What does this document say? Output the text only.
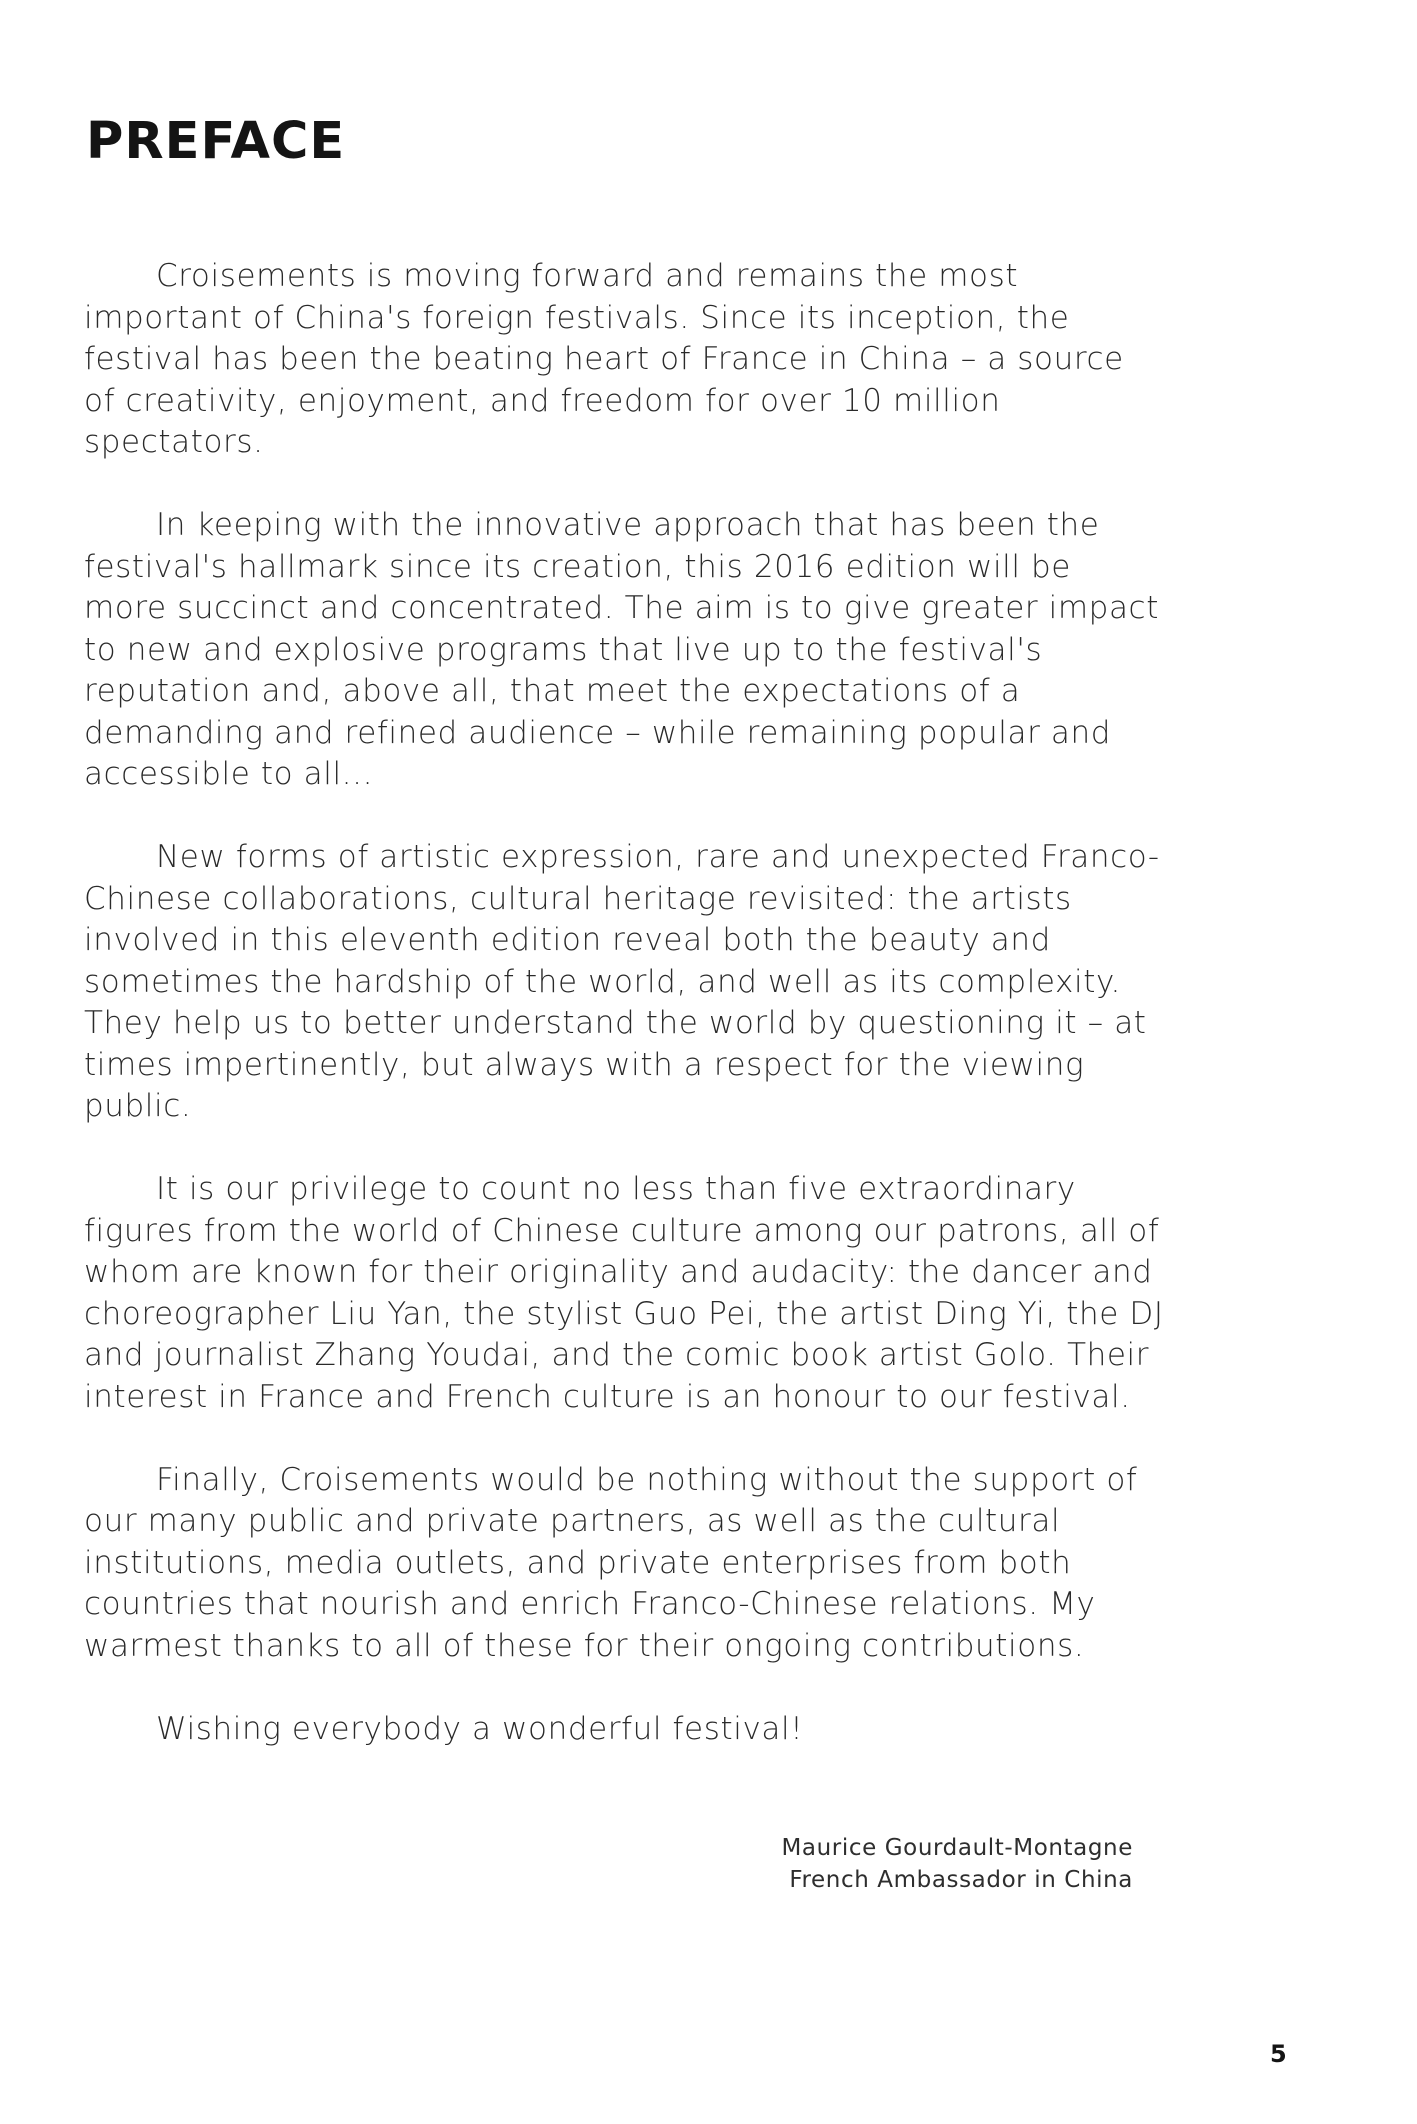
PREFACE

Croisements is moving forward and remains the most important of China's foreign festivals. Since its inception, the festival has been the beating heart of France in China – a source of creativity, enjoyment, and freedom for over 10 million spectators.

In keeping with the innovative approach that has been the festival's hallmark since its creation, this 2016 edition will be more succinct and concentrated. The aim is to give greater impact to new and explosive programs that live up to the festival's reputation and, above all, that meet the expectations of a demanding and refined audience – while remaining popular and accessible to all...

New forms of artistic expression, rare and unexpected Franco-Chinese collaborations, cultural heritage revisited: the artists involved in this eleventh edition reveal both the beauty and sometimes the hardship of the world, and well as its complexity. They help us to better understand the world by questioning it – at times impertinently, but always with a respect for the viewing public.

It is our privilege to count no less than five extraordinary figures from the world of Chinese culture among our patrons, all of whom are known for their originality and audacity: the dancer and choreographer Liu Yan, the stylist Guo Pei, the artist Ding Yi, the DJ and journalist Zhang Youdai, and the comic book artist Golo. Their interest in France and French culture is an honour to our festival.

Finally, Croisements would be nothing without the support of our many public and private partners, as well as the cultural institutions, media outlets, and private enterprises from both countries that nourish and enrich Franco-Chinese relations. My warmest thanks to all of these for their ongoing contributions.

Wishing everybody a wonderful festival!

Maurice Gourdault-Montagne
French Ambassador in China
5
